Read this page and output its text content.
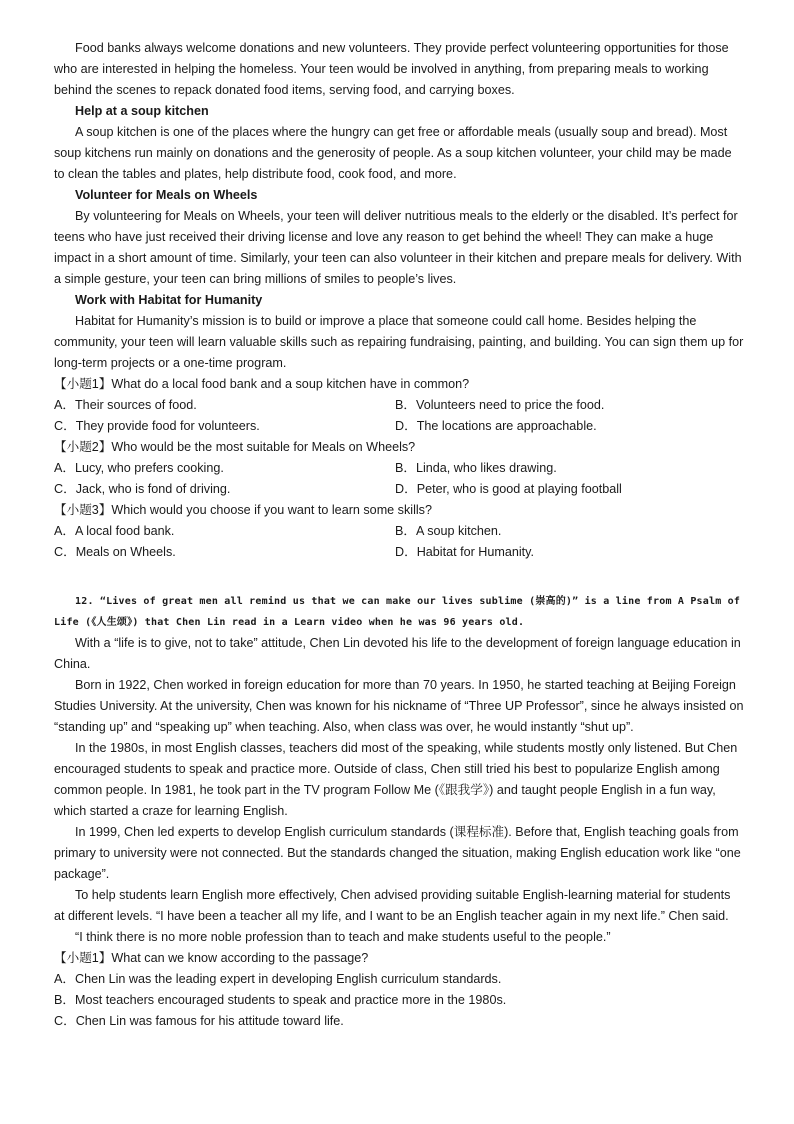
Food banks always welcome donations and new volunteers. They provide perfect volunteering opportunities for those who are interested in helping the homeless. Your teen would be involved in anything, from preparing meals to working behind the scenes to repack donated food items, serving food, and carrying boxes.

Help at a soup kitchen

A soup kitchen is one of the places where the hungry can get free or affordable meals (usually soup and bread). Most soup kitchens run mainly on donations and the generosity of people. As a soup kitchen volunteer, your child may be made to clean the tables and plates, help distribute food, cook food, and more.

Volunteer for Meals on Wheels

By volunteering for Meals on Wheels, your teen will deliver nutritious meals to the elderly or the disabled. It’s perfect for teens who have just received their driving license and love any reason to get behind the wheel! They can make a huge impact in a short amount of time. Similarly, your teen can also volunteer in their kitchen and prepare meals for delivery. With a simple gesture, your teen can bring millions of smiles to people’s lives.

Work with Habitat for Humanity

Habitat for Humanity’s mission is to build or improve a place that someone could call home. Besides helping the community, your teen will learn valuable skills such as repairing fundraising, painting, and building. You can sign them up for long-term projects or a one-time program.

【小题1】What do a local food bank and a soup kitchen have in common?

A．Their sources of food.	B．Volunteers need to price the food.
C．They provide food for volunteers.	D．The locations are approachable.

【小题2】Who would be the most suitable for Meals on Wheels?

A．Lucy, who prefers cooking.	B．Linda, who likes drawing.
C．Jack, who is fond of driving.	D．Peter, who is good at playing football

【小题3】Which would you choose if you want to learn some skills?

A．A local food bank.	B．A soup kitchen.
C．Meals on Wheels.	D．Habitat for Humanity.

12. “Lives of great men all remind us that we can make our lives sublime (崇高的)” is a line from A Psalm of

Life (《人生颂》) that Chen Lin read in a Learn video when he was 96 years old.

With a “life is to give, not to take” attitude, Chen Lin devoted his life to the development of foreign language education in China.

Born in 1922, Chen worked in foreign education for more than 70 years. In 1950, he started teaching at Beijing Foreign Studies University. At the university, Chen was known for his nickname of “Three UP Professor”, since he always insisted on “standing up” and “speaking up” when teaching. Also, when class was over, he would instantly “shut up”.

In the 1980s, in most English classes, teachers did most of the speaking, while students mostly only listened. But Chen encouraged students to speak and practice more. Outside of class, Chen still tried his best to popularize English among common people. In 1981, he took part in the TV program Follow Me (《跟我学》) and taught people English in a fun way, which started a craze for learning English.

In 1999, Chen led experts to develop English curriculum standards (课程标准). Before that, English teaching goals from primary to university were not connected. But the standards changed the situation, making English education work like “one package”.

To help students learn English more effectively, Chen advised providing suitable English-learning material for students at different levels. “I have been a teacher all my life, and I want to be an English teacher again in my next life.” Chen said.

“I think there is no more noble profession than to teach and make students useful to the people.”

【小题1】What can we know according to the passage?

A．Chen Lin was the leading expert in developing English curriculum standards.
B．Most teachers encouraged students to speak and practice more in the 1980s.
C．Chen Lin was famous for his attitude toward life.
